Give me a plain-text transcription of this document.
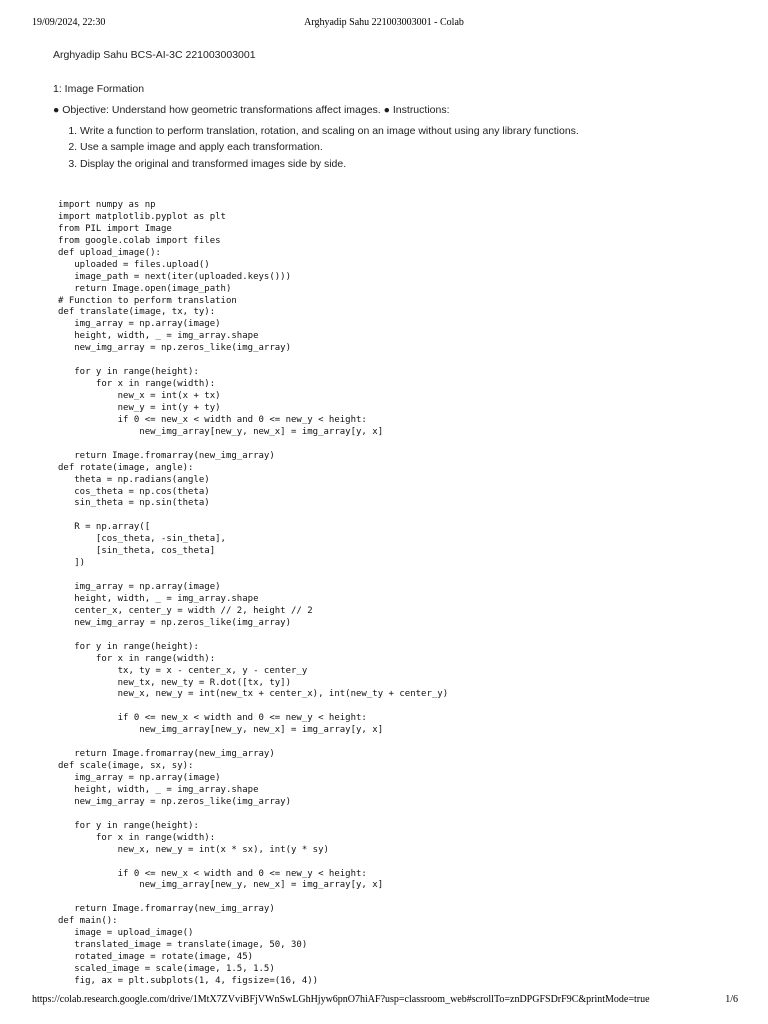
19/09/2024, 22:30	Arghyadip Sahu 221003003001 - Colab
Arghyadip Sahu BCS-AI-3C 221003003001
1: Image Formation
● Objective: Understand how geometric transformations affect images. ● Instructions:
1. Write a function to perform translation, rotation, and scaling on an image without using any library functions.
2. Use a sample image and apply each transformation.
3. Display the original and transformed images side by side.
import numpy as np
import matplotlib.pyplot as plt
from PIL import Image
from google.colab import files
def upload_image():
uploaded = files.upload()
image_path = next(iter(uploaded.keys()))
return Image.open(image_path)
# Function to perform translation
def translate(image, tx, ty):
img_array = np.array(image)
height, width, _ = img_array.shape
new_img_array = np.zeros_like(img_array)
for y in range(height):
for x in range(width):
new_x = int(x + tx)
new_y = int(y + ty)
if 0 <= new_x < width and 0 <= new_y < height:
new_img_array[new_y, new_x] = img_array[y, x]
return Image.fromarray(new_img_array)
def rotate(image, angle):
theta = np.radians(angle)
cos_theta = np.cos(theta)
sin_theta = np.sin(theta)
R = np.array([
[cos_theta, -sin_theta],
[sin_theta, cos_theta]
])
img_array = np.array(image)
height, width, _ = img_array.shape
center_x, center_y = width // 2, height // 2
new_img_array = np.zeros_like(img_array)
for y in range(height):
for x in range(width):
tx, ty = x - center_x, y - center_y
new_tx, new_ty = R.dot([tx, ty])
new_x, new_y = int(new_tx + center_x), int(new_ty + center_y)
if 0 <= new_x < width and 0 <= new_y < height:
new_img_array[new_y, new_x] = img_array[y, x]
return Image.fromarray(new_img_array)
def scale(image, sx, sy):
img_array = np.array(image)
height, width, _ = img_array.shape
new_img_array = np.zeros_like(img_array)
for y in range(height):
for x in range(width):
new_x, new_y = int(x * sx), int(y * sy)
if 0 <= new_x < width and 0 <= new_y < height:
new_img_array[new_y, new_x] = img_array[y, x]
return Image.fromarray(new_img_array)
def main():
image = upload_image()
translated_image = translate(image, 50, 30)
rotated_image = rotate(image, 45)
scaled_image = scale(image, 1.5, 1.5)
fig, ax = plt.subplots(1, 4, figsize=(16, 4))
https://colab.research.google.com/drive/1MtX7ZVviBFjVWnSwLGhHjyw6pnO7hiAF?usp=classroom_web#scrollTo=znDPGFSDrF9C&printMode=true	1/6
